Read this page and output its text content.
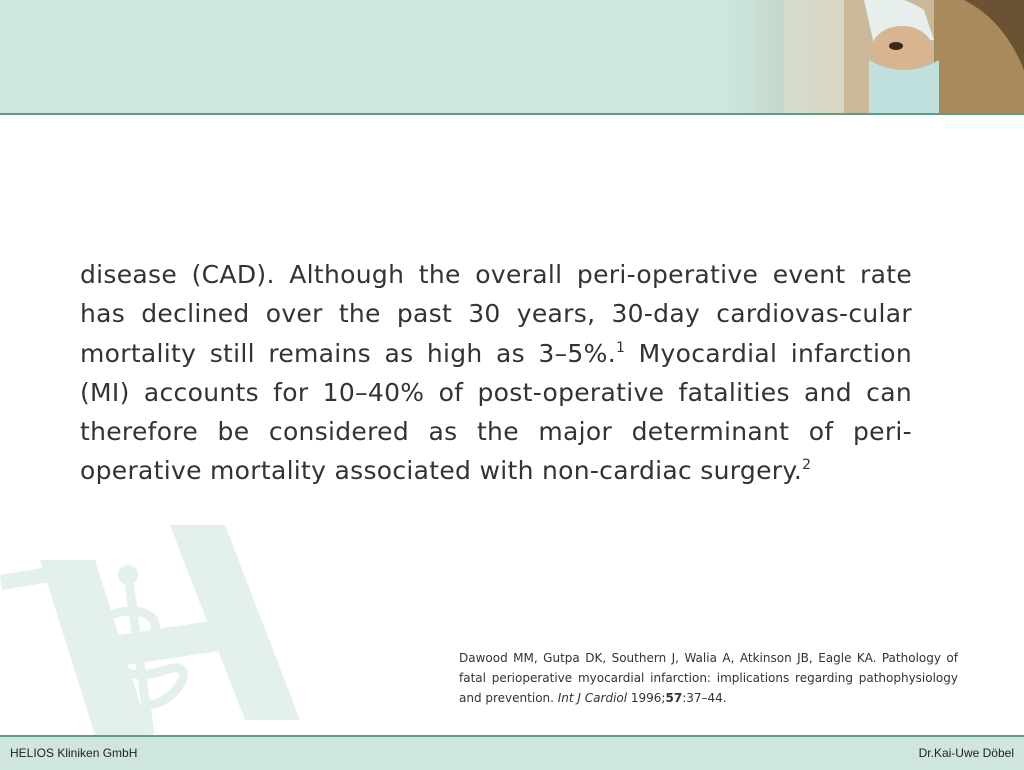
disease (CAD). Although the overall peri-operative event rate has declined over the past 30 years, 30-day cardiovas-cular mortality still remains as high as 3–5%.$^1$ Myocardial infarction (MI) accounts for 10–40% of post-operative fatalities and can therefore be considered as the major determinant of peri-operative mortality associated with non-cardiac surgery.$^2$
Dawood MM, Gutpa DK, Southern J, Walia A, Atkinson JB, Eagle KA. Pathology of fatal perioperative myocardial infarction: implications regarding pathophysiology and prevention. Int J Cardiol 1996;57:37–44.
HELIOS Kliniken GmbH	Dr.Kai-Uwe Döbel
